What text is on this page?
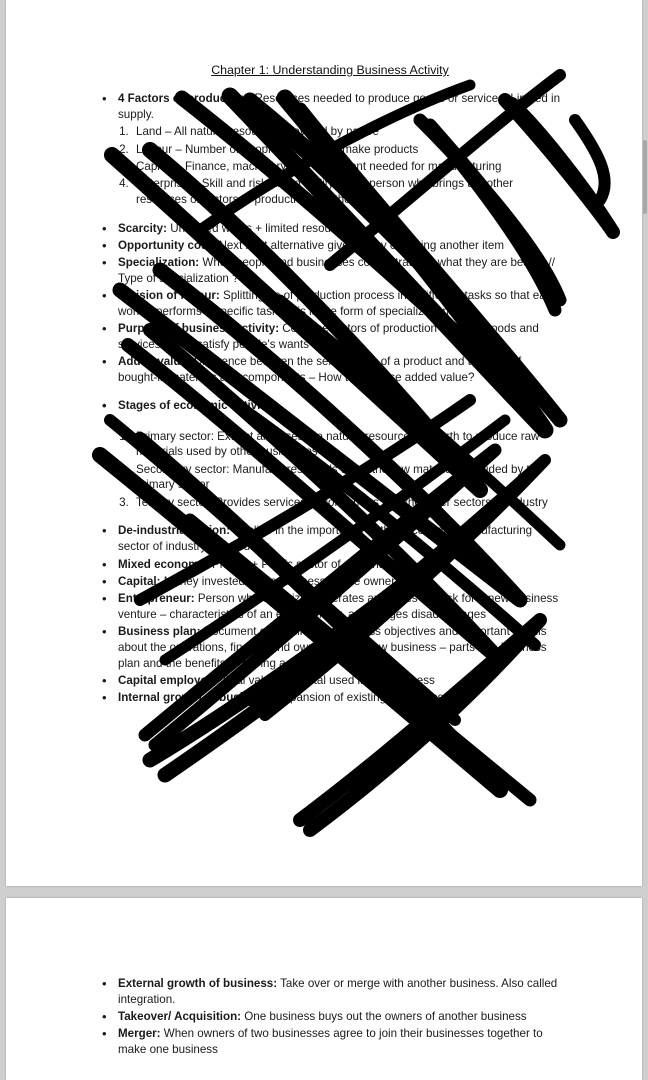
Chapter 1: Understanding Business Activity
• 4 Factors of production: Resources needed to produce goods or services. Limited in supply.
1. Land – All natural resources provided by nature
2. Labour – Number of people available to make products
3. Capital – Finance, machinery and equipment needed for manufacturing
4. Enterprise – Skill and risk taking ability of the person who brings the other resources or factors of production together
• Scarcity: Unlimited wants + limited resources
• Opportunity cost: Next best alternative given up by choosing another item
• Specialization: When people and businesses concentrate on what they are best at // Type of specialization ?
• Division of labour: Splitting up of production process into different tasks so that each worker performs a specific task. This is the form of specialization.
• Purpose of business activity: Combine factors of production to make goods and services which satisfy people's wants
• Added value: Difference between the selling price of a product and the cost of bought-in materials and components – How to increase added value?
• Stages of economic activity:
1. Primary sector: Extract and uses the natural resources of Earth to produce raw materials used by other businesses
2. Secondary sector: Manufactures goods using the raw materials provided by the primary sector
3. Tertiary sector: Provides services to consumers and the other sectors of industry
• De-industrialisation: Decline in the importance of the secondary, manufacturing sector of industry in a country
• Mixed economy: Private + Public sector of a country
• Capital: Money invested into a business by the owner
• Entrepreneur: Person who organizes, operates and takes the risk for a new business venture – characteristics of an entrepreneur, advantages disadvantages
• Business plan: Document containing the business objectives and important details about the operations, finance and owners of the new business – parts of a business plan and the benefits of having a plan
• Capital employed: Total value of capital used in the business
• Internal growth of business: Expansion of existing operations
• External growth of business: Take over or merge with another business. Also called integration.
• Takeover/ Acquisition: One business buys out the owners of another business
• Merger: When owners of two businesses agree to join their businesses together to make one business
